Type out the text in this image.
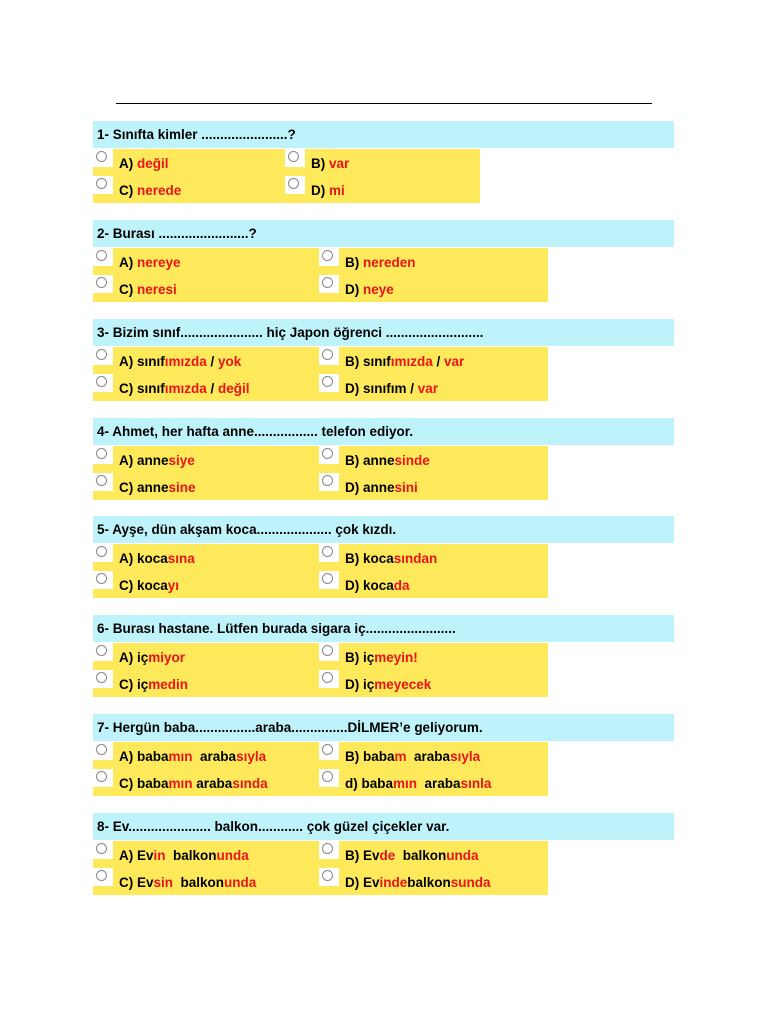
1- Sınıfta kimler .......................?
A) değil	B) var
C) nerede	D) mi
2- Burası ........................?
A) nereye	B) nereden
C) neresi	D) neye
3- Bizim sınıf...................... hiç Japon öğrenci ..........................
A) sınıfımızda / yok	B) sınıfımızda / var
C) sınıfımızda / değil	D) sınıfım / var
4- Ahmet, her hafta anne................. telefon ediyor.
A) annesiye	B) annesinde
C) annesine	D) annesini
5- Ayşe, dün akşam koca.................... çok kızdı.
A) kocasına	B) kocasından
C) kocayı	D) kocada
6- Burası hastane. Lütfen burada sigara iç........................
A) içmiyor	B) içmeyin!
C) içmedin	D) içmeyecek
7- Hergün baba................araba...............DİLMER’e geliyorum.
A) babamın  arabasıyla	B) babam  arabasıyla
C) babamın arabasında	d) babamın  arabasınla
8- Ev...................... balkon............ çok güzel çiçekler var.
A) Evin  balkonunda	B) Evde  balkonunda
C) Evsin  balkonunda	D) Evindebalkonsunda
